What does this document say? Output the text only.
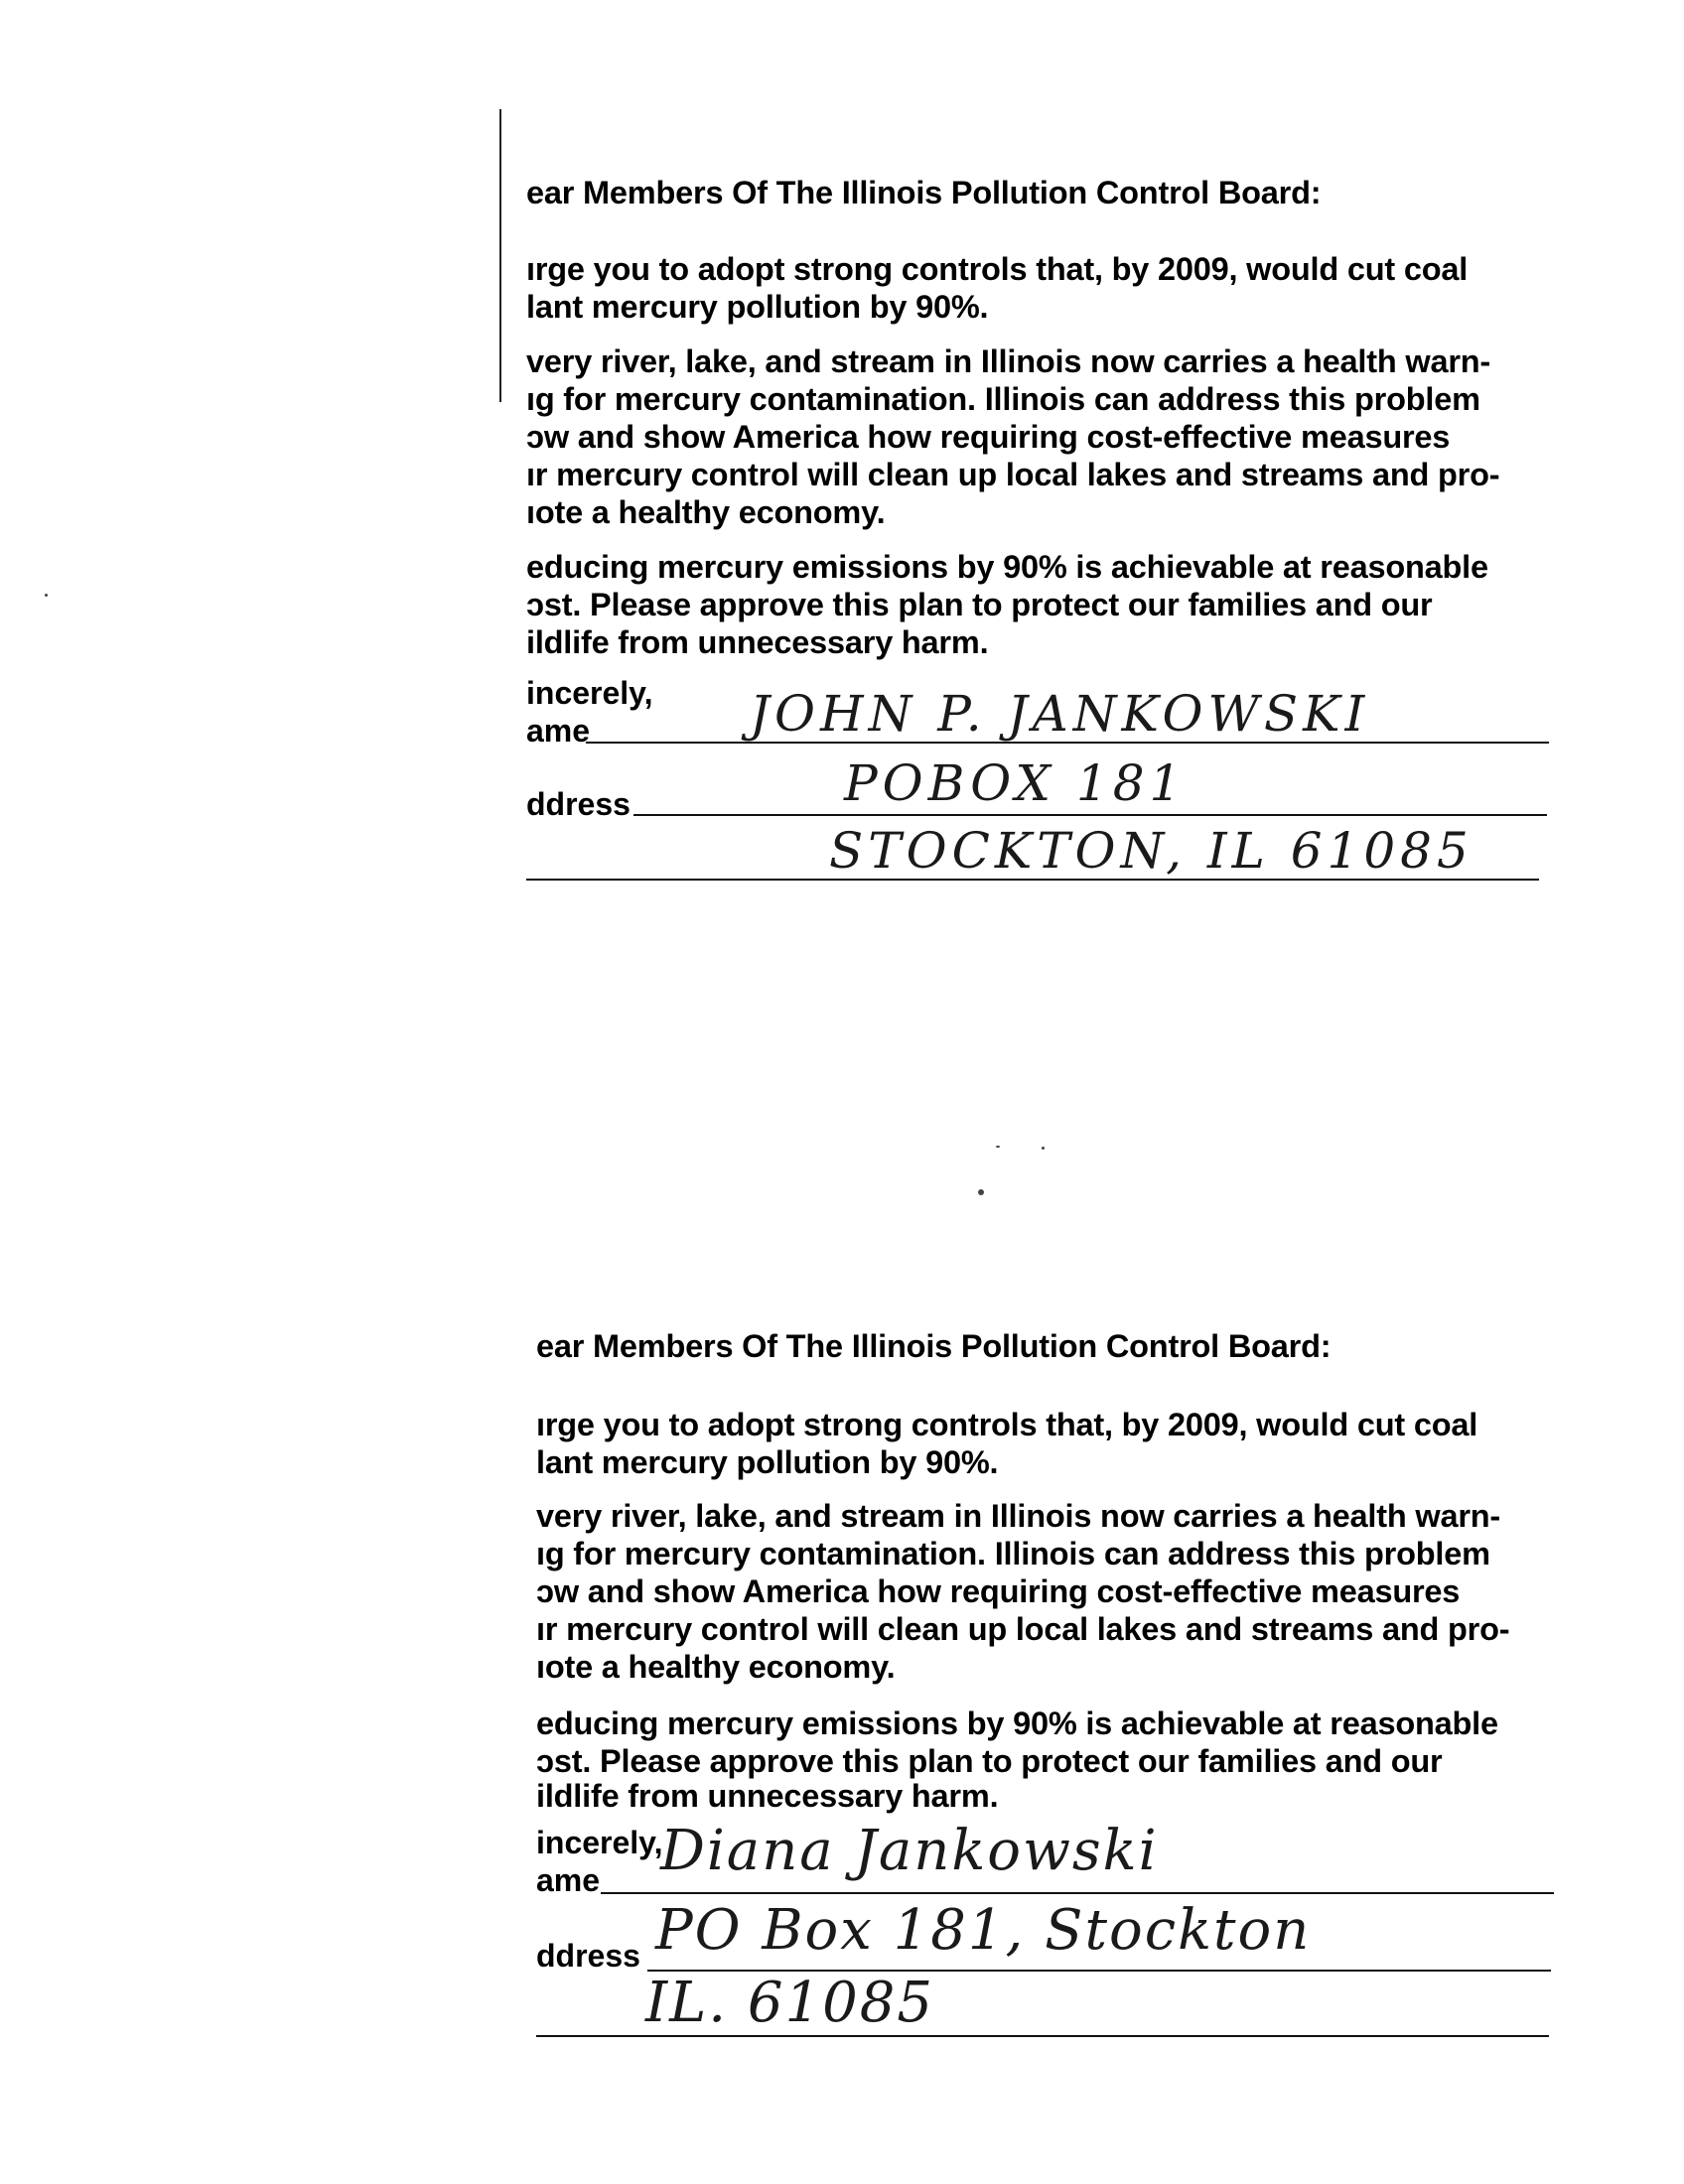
ear Members Of The Illinois Pollution Control Board:

ırge you to adopt strong controls that, by 2009, would cut coal

lant mercury pollution by 90%.

very river, lake, and stream in Illinois now carries a health warn-

ıg for mercury contamination. Illinois can address this problem

ɔw and show America how requiring cost-effective measures

ır mercury control will clean up local lakes and streams and pro-

ıote a healthy economy.

educing mercury emissions by 90% is achievable at reasonable

ɔst. Please approve this plan to protect our families and our

ildlife from unnecessary harm.

incerely,

ame	JOHN P. JANKOWSKI

ddress	POBOX 181

STOCKTON, IL 61085

ear Members Of The Illinois Pollution Control Board:

ırge you to adopt strong controls that, by 2009, would cut coal

lant mercury pollution by 90%.

very river, lake, and stream in Illinois now carries a health warn-

ıg for mercury contamination. Illinois can address this problem

ɔw and show America how requiring cost-effective measures

ır mercury control will clean up local lakes and streams and pro-

ıote a healthy economy.

educing mercury emissions by 90% is achievable at reasonable

ɔst. Please approve this plan to protect our families and our

ildlife from unnecessary harm.

incerely,

ame Diana Jankowski

ddress PO Box 181, Stockton

IL. 61085
